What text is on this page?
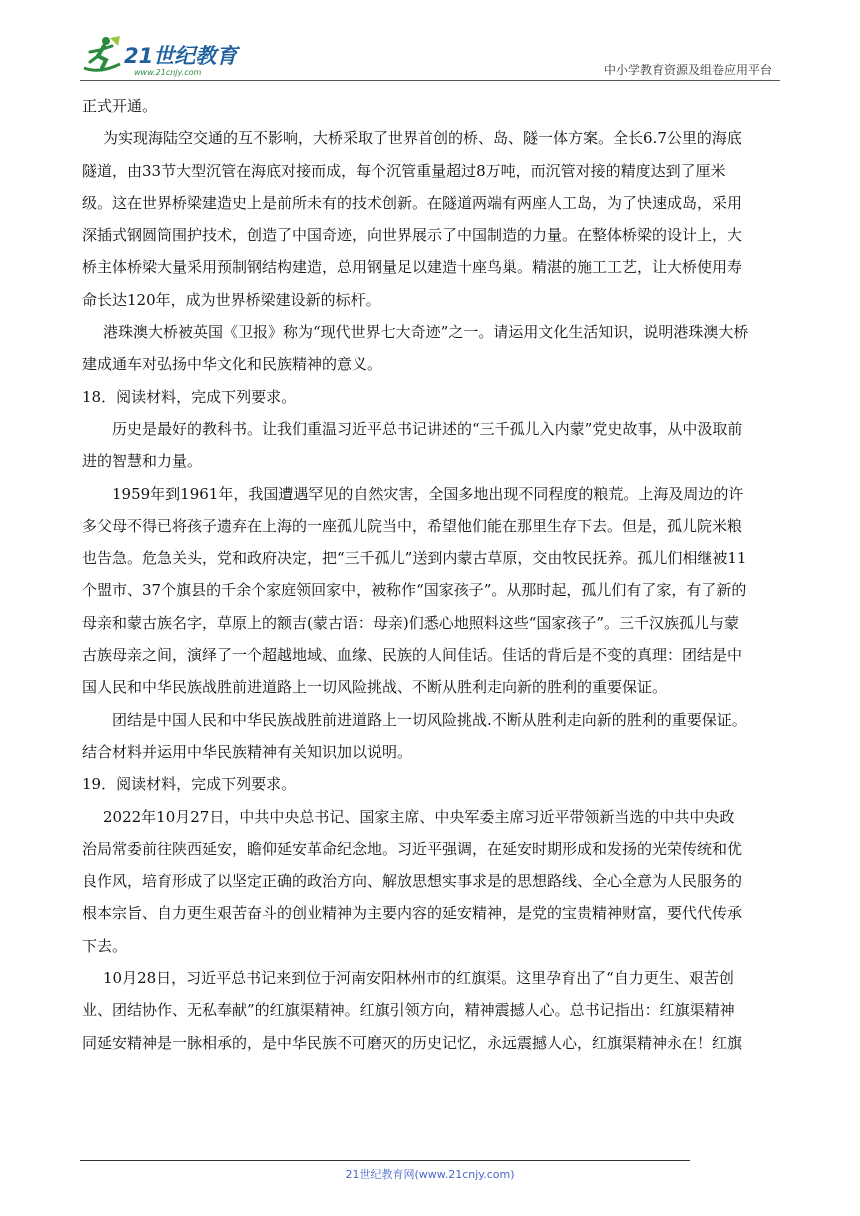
21世纪教育
www.21cnjy.com	中小学教育资源及组卷应用平台
正式开通。
为实现海陆空交通的互不影响，大桥采取了世界首创的桥、岛、隧一体方案。全长6.7公里的海底
隧道，由33节大型沉管在海底对接而成，每个沉管重量超过8万吨，而沉管对接的精度达到了厘米
级。这在世界桥梁建造史上是前所未有的技术创新。在隧道两端有两座人工岛，为了快速成岛，采用
深插式钢圆筒围护技术，创造了中国奇迹，向世界展示了中国制造的力量。在整体桥梁的设计上，大
桥主体桥梁大量采用预制钢结构建造，总用钢量足以建造十座鸟巢。精湛的施工工艺，让大桥使用寿
命长达120年，成为世界桥梁建设新的标杆。
港珠澳大桥被英国《卫报》称为“现代世界七大奇迹”之一。请运用文化生活知识，说明港珠澳大桥
建成通车对弘扬中华文化和民族精神的意义。
18．阅读材料，完成下列要求。
历史是最好的教科书。让我们重温习近平总书记讲述的“三千孤儿入内蒙”党史故事，从中汲取前
进的智慧和力量。
1959年到1961年，我国遭遇罕见的自然灾害，全国多地出现不同程度的粮荒。上海及周边的许
多父母不得已将孩子遗弃在上海的一座孤儿院当中，希望他们能在那里生存下去。但是，孤儿院米粮
也告急。危急关头，党和政府决定，把“三千孤儿”送到内蒙古草原，交由牧民抚养。孤儿们相继被11
个盟市、37个旗县的千余个家庭领回家中，被称作“国家孩子”。从那时起，孤儿们有了家，有了新的
母亲和蒙古族名字，草原上的额吉(蒙古语：母亲)们悉心地照料这些“国家孩子”。三千汉族孤儿与蒙
古族母亲之间，演绎了一个超越地域、血缘、民族的人间佳话。佳话的背后是不变的真理：团结是中
国人民和中华民族战胜前进道路上一切风险挑战、不断从胜利走向新的胜利的重要保证。
团结是中国人民和中华民族战胜前进道路上一切风险挑战.不断从胜利走向新的胜利的重要保证。
结合材料并运用中华民族精神有关知识加以说明。
19．阅读材料，完成下列要求。
2022年10月27日，中共中央总书记、国家主席、中央军委主席习近平带领新当选的中共中央政
治局常委前往陕西延安，瞻仰延安革命纪念地。习近平强调，在延安时期形成和发扬的光荣传统和优
良作风，培育形成了以坚定正确的政治方向、解放思想实事求是的思想路线、全心全意为人民服务的
根本宗旨、自力更生艰苦奋斗的创业精神为主要内容的延安精神，是党的宝贵精神财富，要代代传承
下去。
10月28日，习近平总书记来到位于河南安阳林州市的红旗渠。这里孕育出了“自力更生、艰苦创
业、团结协作、无私奉献”的红旗渠精神。红旗引领方向，精神震撼人心。总书记指出：红旗渠精神
同延安精神是一脉相承的，是中华民族不可磨灭的历史记忆，永远震撼人心，红旗渠精神永在！红旗
21世纪教育网(www.21cnjy.com)
